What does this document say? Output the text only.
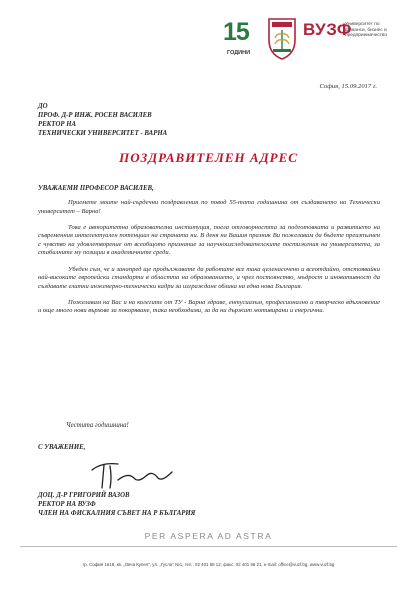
15
ГОДИНИ
ВУЗФ
Университет по финанси, бизнес и предприемачество
София, 15.09.2017 г.
ДО
ПРОФ. Д-Р ИНЖ. РОСЕН ВАСИЛЕВ
РЕКТОР НА
ТЕХНИЧЕСКИ УНИВЕРСИТЕТ - ВАРНА
ПОЗДРАВИТЕЛЕН АДРЕС
УВАЖАЕМИ ПРОФЕСОР ВАСИЛЕВ,

Приемете моите най-сърдечни поздравления по повод 55-тата годишнина от създаването на Технически университет – Варна!

Това е авторитетна образователна институция, поела отговорността за подготовката и развитието на съвременния интелектуален потенциал на страната ни. В деня на Вашия празник Ви пожелавам да бъдете преизпълнен с чувство на удовлетворение от всеобщото признание за научноизследователските постижения на университета, за стабилните му позиции в академичните среди.

Убеден съм, че и занапред ще продължавате да работите все така целенасочено и всеотдайно, отстоявайки най-високите европейски стандарти в областта на образованието, и чрез постоянство, мъдрост и иновативност да създавате елитни инженерно-технически кадри за изграждане облика на една нова България.

Пожелавам на Вас и на колегите от ТУ - Варна здраве, ентусиазъм, професионално и творческо вдъхновение и още много нови върхове за покоряване, така необходими, за да ни държат мотивирани и енергични.

Честита годишнина!
С УВАЖЕНИЕ,
ДОЦ. Д-Р ГРИГОРИЙ ВАЗОВ
РЕКТОР НА ВУЗФ
ЧЛЕН НА ФИСКАЛНИЯ СЪВЕТ НА Р БЪЛГАРИЯ
PER ASPERA AD ASTRA
гр. София 1618, кв. „Овча Купел", ул. „Гусла" №1, тел.: 02 401 58 12; факс: 02 401 58 21, e-mail: office@vuzf.bg, www.vuzf.bg
